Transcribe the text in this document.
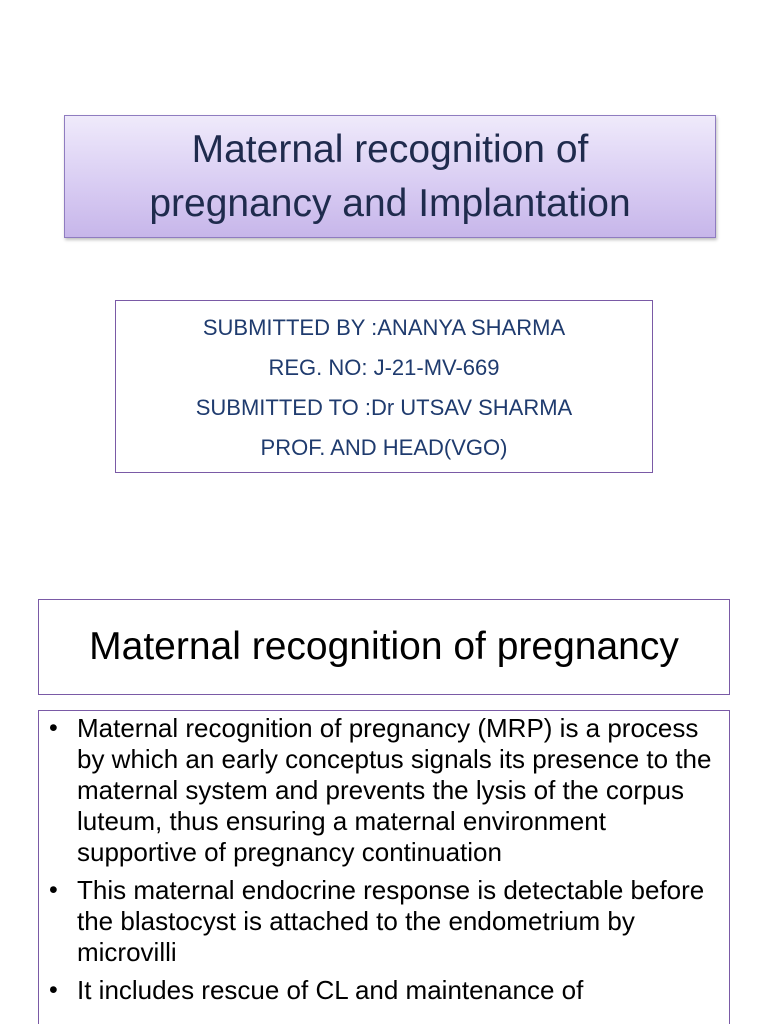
Maternal recognition of
pregnancy and Implantation
SUBMITTED BY :ANANYA SHARMA
REG. NO: J-21-MV-669
SUBMITTED TO :Dr UTSAV SHARMA
PROF. AND HEAD(VGO)
Maternal recognition of pregnancy
• Maternal recognition of pregnancy (MRP) is a process by which an early conceptus signals its presence to the maternal system and prevents the lysis of the corpus luteum, thus ensuring a maternal environment supportive of pregnancy continuation
• This maternal endocrine response is detectable before the blastocyst is attached to the endometrium by microvilli
• It includes rescue of CL and maintenance of
